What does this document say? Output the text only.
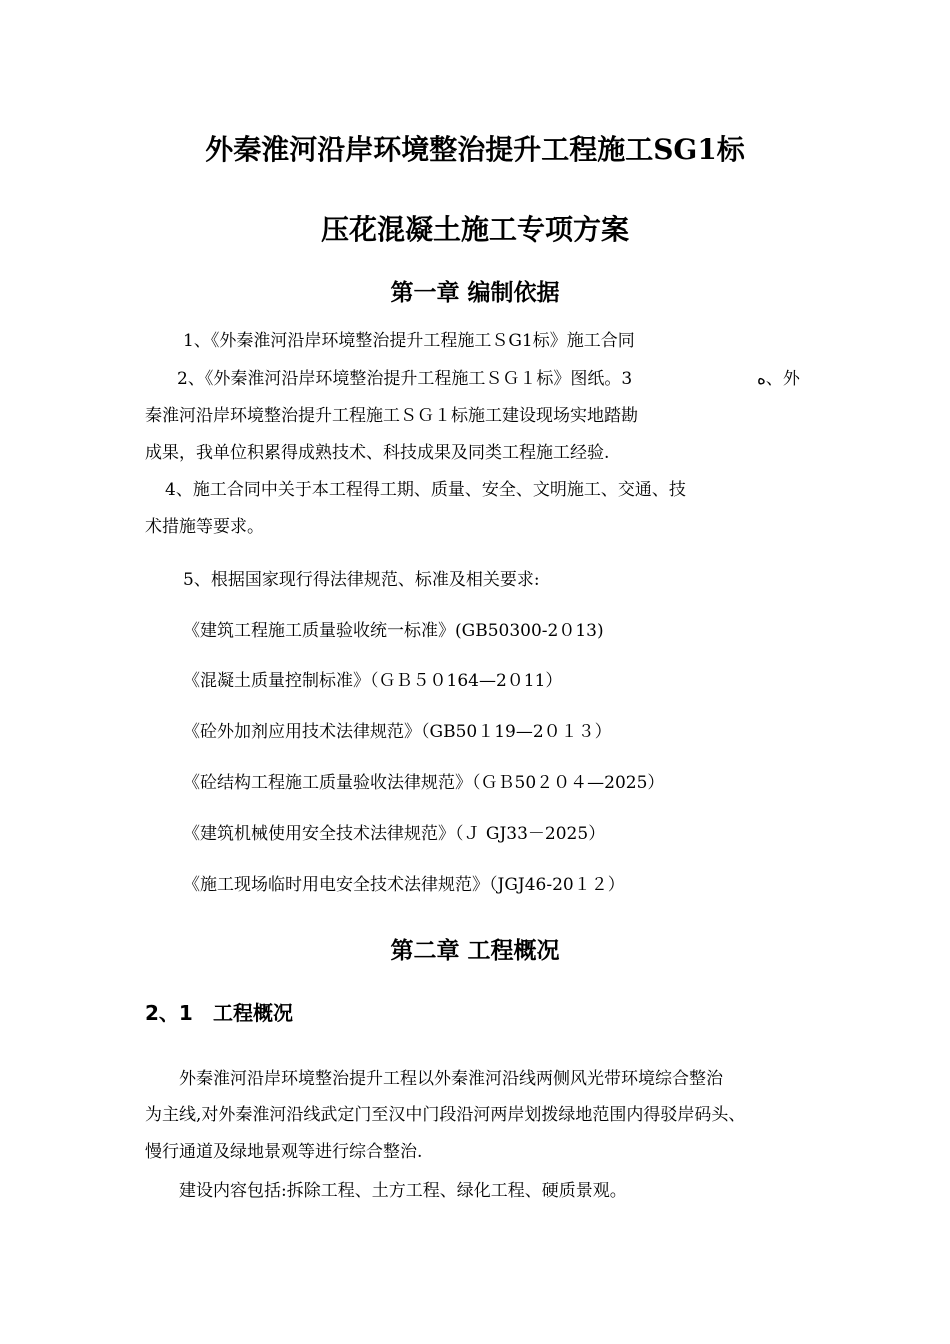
外秦淮河沿岸环境整治提升工程施工SG1标
压花混凝土施工专项方案
第一章 编制依据
1、《外秦淮河沿岸环境整治提升工程施工ＳG1标》施工合同
2、《外秦淮河沿岸环境整治提升工程施工ＳＧ１标》图纸。3	ﻩ、外
秦淮河沿岸环境整治提升工程施工ＳＧ１标施工建设现场实地踏勘
成果，我单位积累得成熟技术、科技成果及同类工程施工经验.
4、施工合同中关于本工程得工期、质量、安全、文明施工、交通、技
术措施等要求。
5、根据国家现行得法律规范、标准及相关要求:
《建筑工程施工质量验收统一标准》(GB50300-2０13)
《混凝土质量控制标准》（ＧＢ５０164—2０11）
《砼外加剂应用技术法律规范》（GB50１19—2０１３）
《砼结构工程施工质量验收法律规范》（ＧＢ50２０４—2025）
《建筑机械使用安全技术法律规范》（Ｊ GJ33－2025）
《施工现场临时用电安全技术法律规范》（JGJ46-20１２）
第二章 工程概况
2、1 工程概况
外秦淮河沿岸环境整治提升工程以外秦淮河沿线两侧风光带环境综合整治
为主线,对外秦淮河沿线武定门至汉中门段沿河两岸划拨绿地范围内得驳岸码头、
慢行通道及绿地景观等进行综合整治.
建设内容包括:拆除工程、土方工程、绿化工程、硬质景观。
